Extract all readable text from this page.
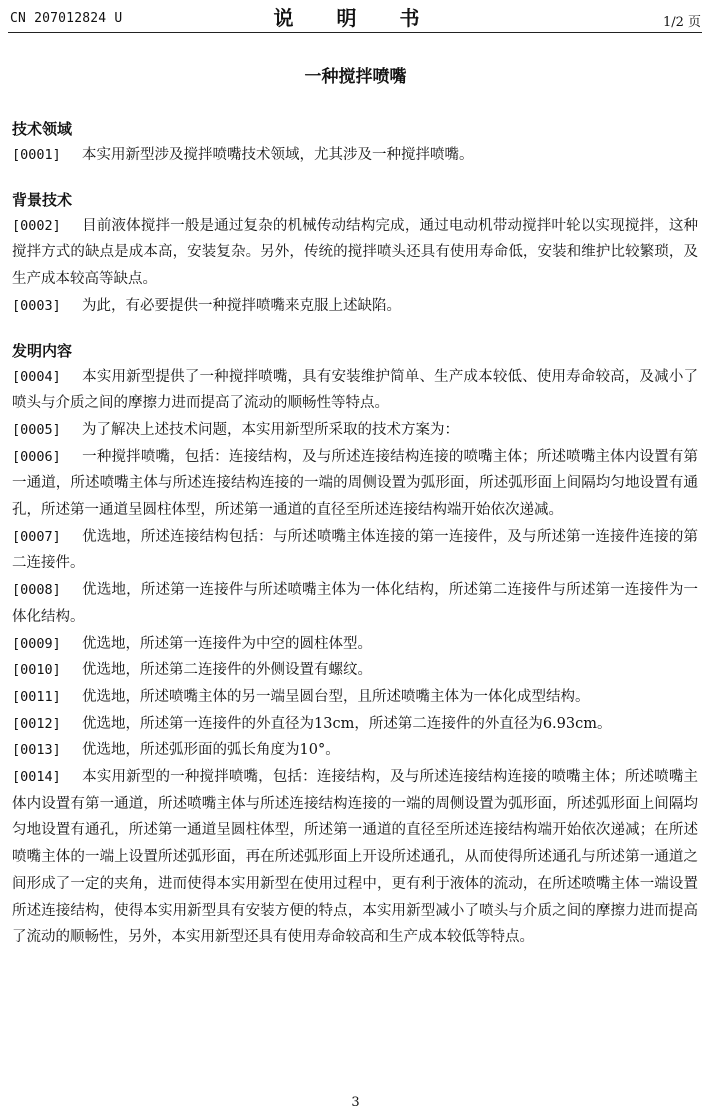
CN 207012824 U	说 明 书	1/2 页
一种搅拌喷嘴
技术领域
[0001] 本实用新型涉及搅拌喷嘴技术领域，尤其涉及一种搅拌喷嘴。
背景技术
[0002] 目前液体搅拌一般是通过复杂的机械传动结构完成，通过电动机带动搅拌叶轮以实现搅拌，这种搅拌方式的缺点是成本高，安装复杂。另外，传统的搅拌喷头还具有使用寿命低，安装和维护比较繁琐，及生产成本较高等缺点。
[0003] 为此，有必要提供一种搅拌喷嘴来克服上述缺陷。
发明内容
[0004] 本实用新型提供了一种搅拌喷嘴，具有安装维护简单、生产成本较低、使用寿命较高，及减小了喷头与介质之间的摩擦力进而提高了流动的顺畅性等特点。
[0005] 为了解决上述技术问题，本实用新型所采取的技术方案为：
[0006] 一种搅拌喷嘴，包括：连接结构，及与所述连接结构连接的喷嘴主体；所述喷嘴主体内设置有第一通道，所述喷嘴主体与所述连接结构连接的一端的周侧设置为弧形面，所述弧形面上间隔均匀地设置有通孔，所述第一通道呈圆柱体型，所述第一通道的直径至所述连接结构端开始依次递减。
[0007] 优选地，所述连接结构包括：与所述喷嘴主体连接的第一连接件，及与所述第一连接件连接的第二连接件。
[0008] 优选地，所述第一连接件与所述喷嘴主体为一体化结构，所述第二连接件与所述第一连接件为一体化结构。
[0009] 优选地，所述第一连接件为中空的圆柱体型。
[0010] 优选地，所述第二连接件的外侧设置有螺纹。
[0011] 优选地，所述喷嘴主体的另一端呈圆台型，且所述喷嘴主体为一体化成型结构。
[0012] 优选地，所述第一连接件的外直径为13cm，所述第二连接件的外直径为6.93cm。
[0013] 优选地，所述弧形面的弧长角度为10°。
[0014] 本实用新型的一种搅拌喷嘴，包括：连接结构，及与所述连接结构连接的喷嘴主体；所述喷嘴主体内设置有第一通道，所述喷嘴主体与所述连接结构连接的一端的周侧设置为弧形面，所述弧形面上间隔均匀地设置有通孔，所述第一通道呈圆柱体型，所述第一通道的直径至所述连接结构端开始依次递减；在所述喷嘴主体的一端上设置所述弧形面，再在所述弧形面上开设所述通孔，从而使得所述通孔与所述第一通道之间形成了一定的夹角，进而使得本实用新型在使用过程中，更有利于液体的流动，在所述喷嘴主体一端设置所述连接结构，使得本实用新型具有安装方便的特点，本实用新型减小了喷头与介质之间的摩擦力进而提高了流动的顺畅性，另外，本实用新型还具有使用寿命较高和生产成本较低等特点。
3
